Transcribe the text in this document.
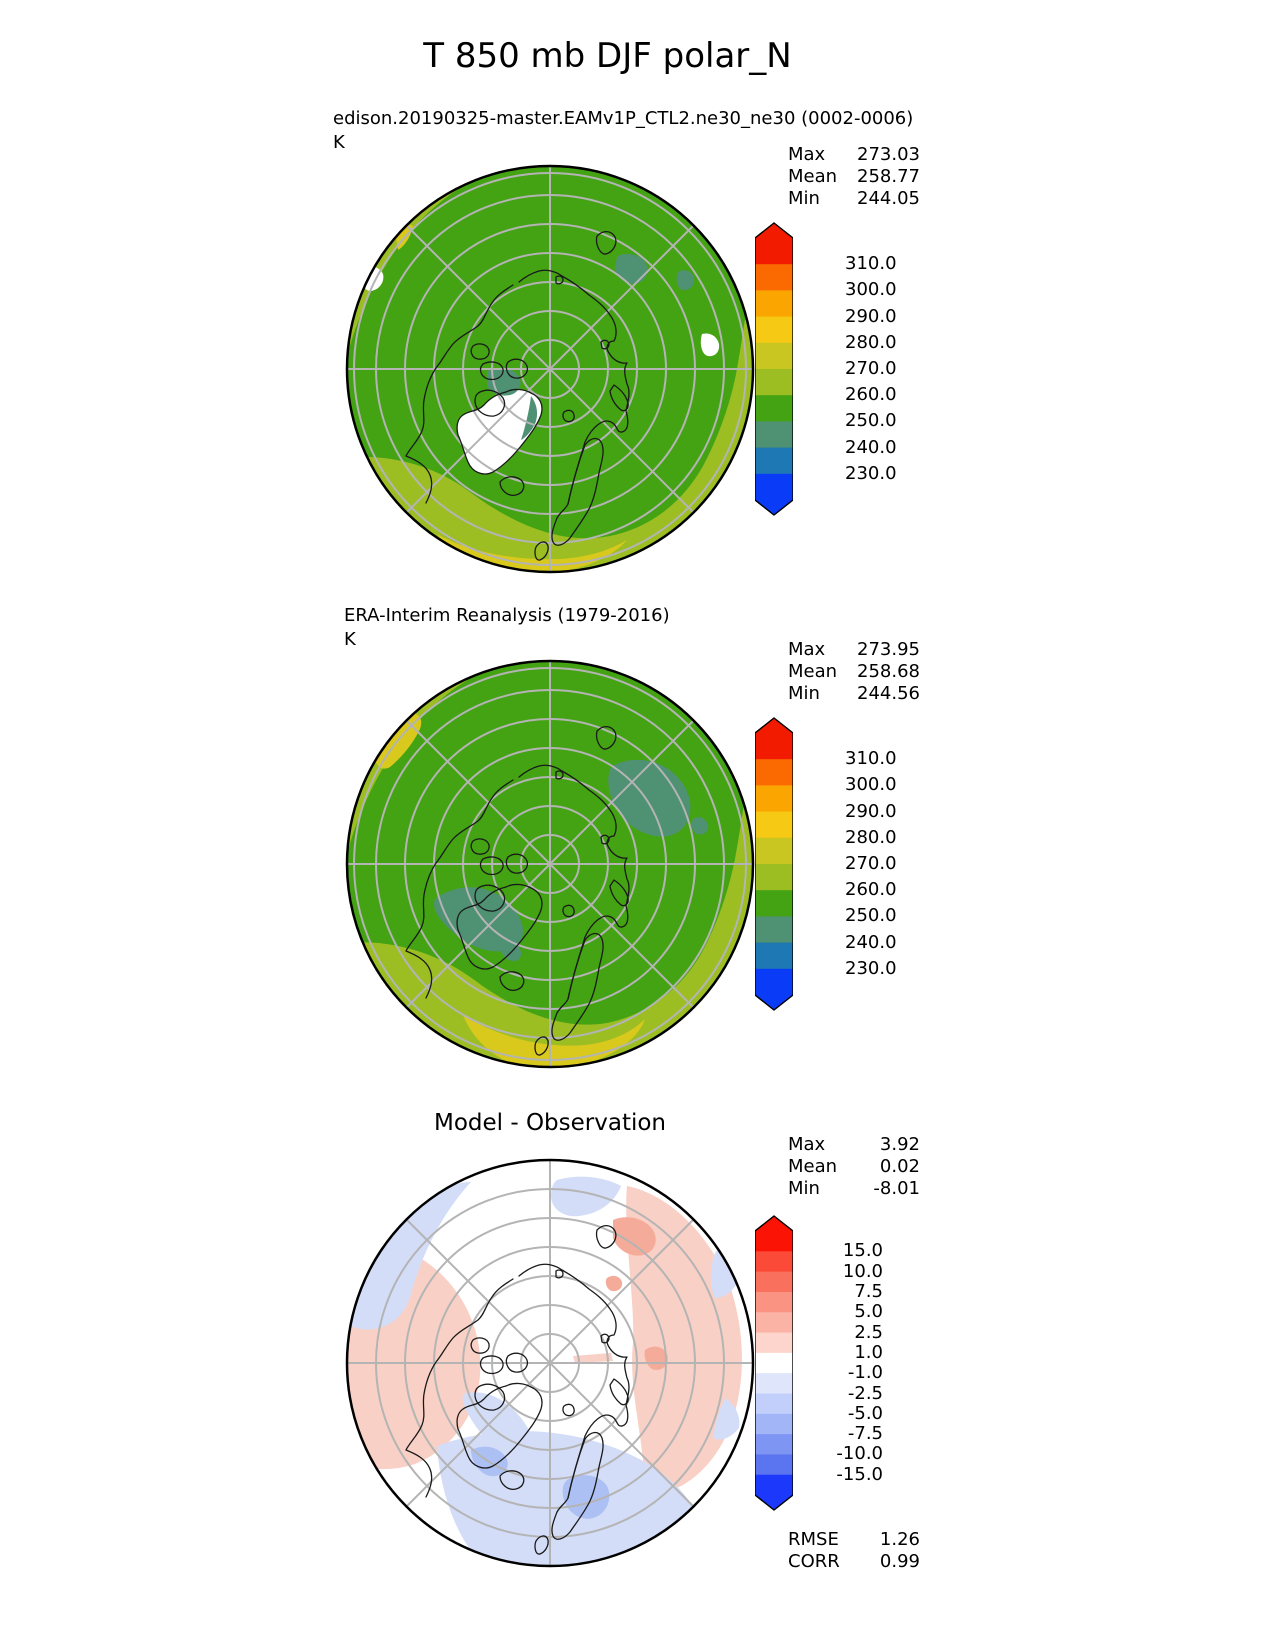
T 850 mb DJF polar_N
edison.20190325-master.EAMv1P_CTL2.ne30_ne30 (0002-0006)
K
Max 273.03
Mean 258.77
Min 244.05
ERA-Interim Reanalysis (1979-2016)
K	Max 273.95
Mean 258.68
Min 244.56
Model - Observation
Max	3.92
Mean 0.02
Min	-8.01
RMSE 1.26
CORR 0.99
310.0
300.0
290.0
280.0
270.0
260.0
250.0
240.0
230.0
310.0
300.0
290.0
280.0
270.0
260.0
250.0
240.0
230.0
15.0
10.0
7.5
5.0
2.5
1.0
-1.0
-2.5
-5.0
-7.5
-10.0
-15.0
